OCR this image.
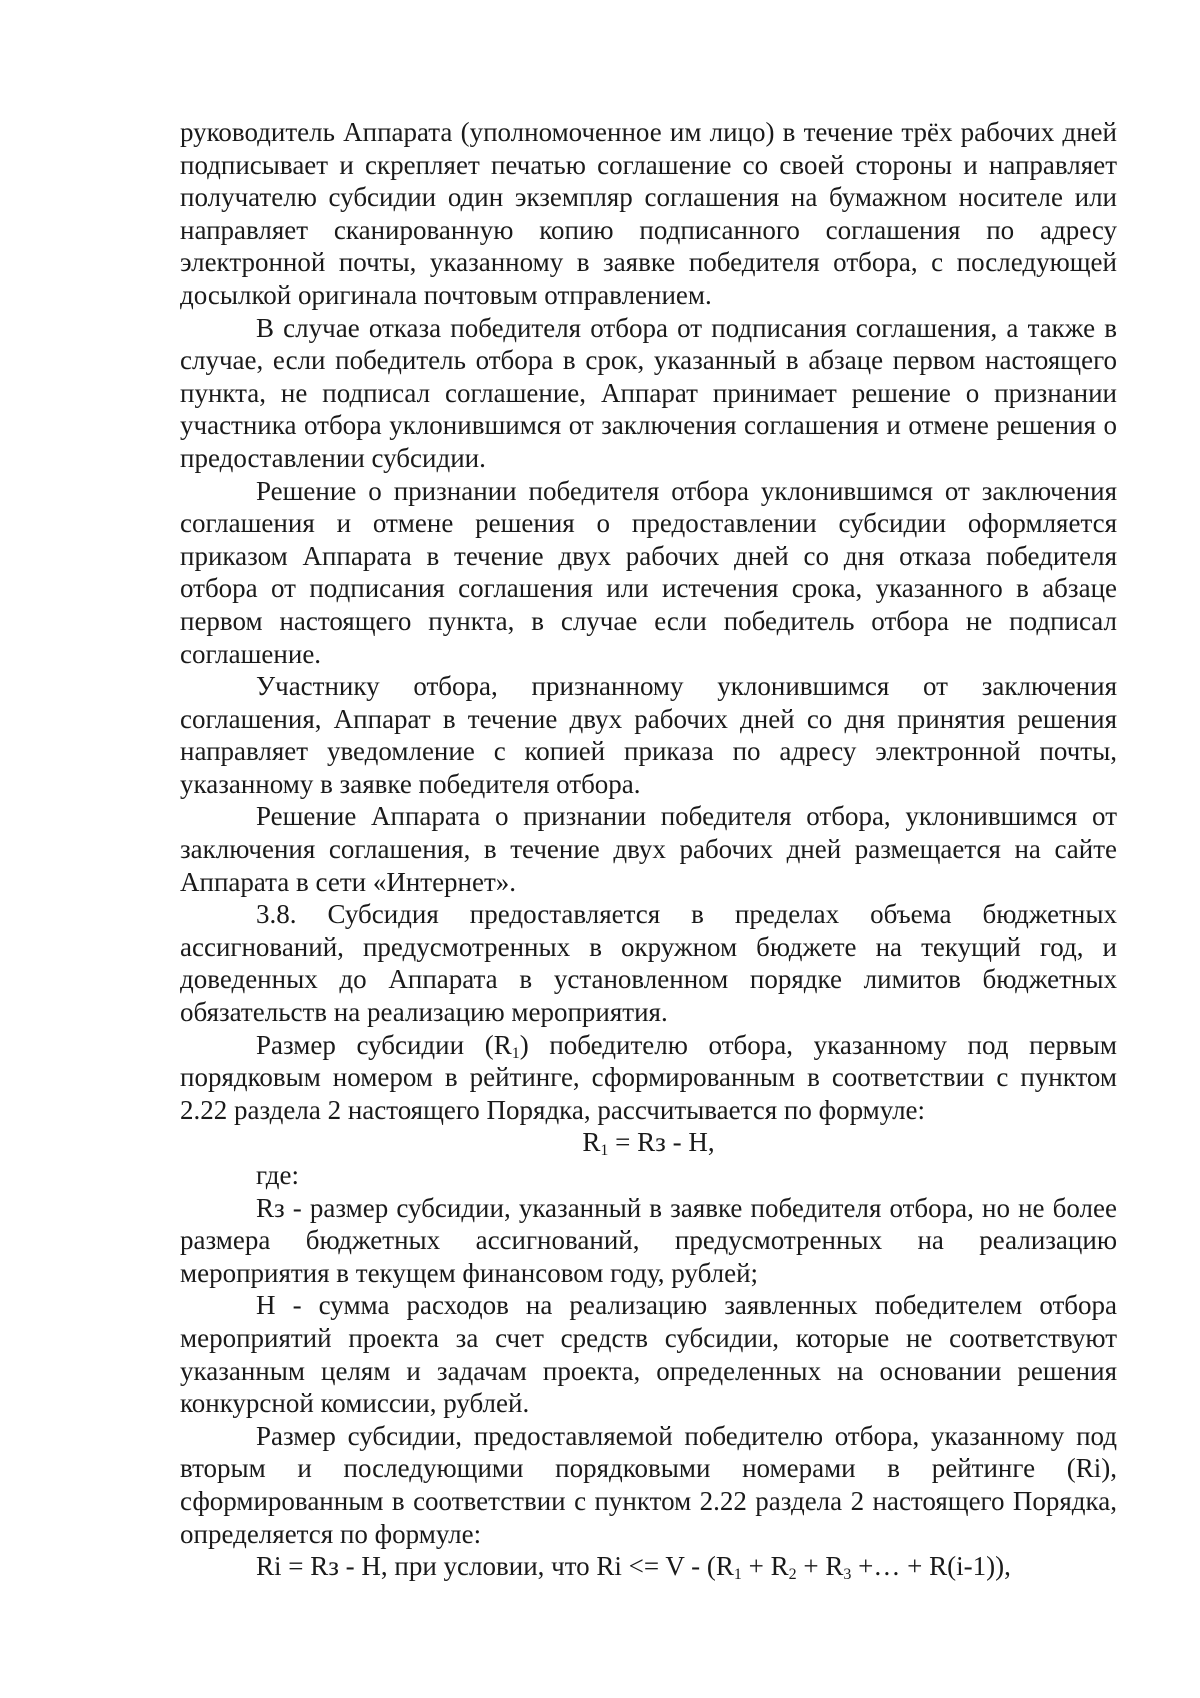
руководитель Аппарата (уполномоченное им лицо) в течение трёх рабочих дней подписывает и скрепляет печатью соглашение со своей стороны и направляет получателю субсидии один экземпляр соглашения на бумажном носителе или направляет сканированную копию подписанного соглашения по адресу электронной почты, указанному в заявке победителя отбора, с последующей досылкой оригинала почтовым отправлением.

В случае отказа победителя отбора от подписания соглашения, а также в случае, если победитель отбора в срок, указанный в абзаце первом настоящего пункта, не подписал соглашение, Аппарат принимает решение о признании участника отбора уклонившимся от заключения соглашения и отмене решения о предоставлении субсидии.

Решение о признании победителя отбора уклонившимся от заключения соглашения и отмене решения о предоставлении субсидии оформляется приказом Аппарата в течение двух рабочих дней со дня отказа победителя отбора от подписания соглашения или истечения срока, указанного в абзаце первом настоящего пункта, в случае если победитель отбора не подписал соглашение.

Участнику отбора, признанному уклонившимся от заключения соглашения, Аппарат в течение двух рабочих дней со дня принятия решения направляет уведомление с копией приказа по адресу электронной почты, указанному в заявке победителя отбора.

Решение Аппарата о признании победителя отбора, уклонившимся от заключения соглашения, в течение двух рабочих дней размещается на сайте Аппарата в сети «Интернет».

3.8. Субсидия предоставляется в пределах объема бюджетных ассигнований, предусмотренных в окружном бюджете на текущий год, и доведенных до Аппарата в установленном порядке лимитов бюджетных обязательств на реализацию мероприятия.

Размер субсидии $(R_1)$ победителю отбора, указанному под первым порядковым номером в рейтинге, сформированным в соответствии с пунктом 2.22 раздела 2 настоящего Порядка, рассчитывается по формуле:

$R_1$ = Rз - Н,

где:

Rз - размер субсидии, указанный в заявке победителя отбора, но не более размера бюджетных ассигнований, предусмотренных на реализацию мероприятия в текущем финансовом году, рублей;

Н - сумма расходов на реализацию заявленных победителем отбора мероприятий проекта за счет средств субсидии, которые не соответствуют указанным целям и задачам проекта, определенных на основании решения конкурсной комиссии, рублей.

Размер субсидии, предоставляемой победителю отбора, указанному под вторым и последующими порядковыми номерами в рейтинге (Ri), сформированным в соответствии с пунктом 2.22 раздела 2 настоящего Порядка, определяется по формуле:

Ri = Rз - Н, при условии, что $Ri <= V - (R_1 + R_2 + R_3$ +… + R(i-1)),
